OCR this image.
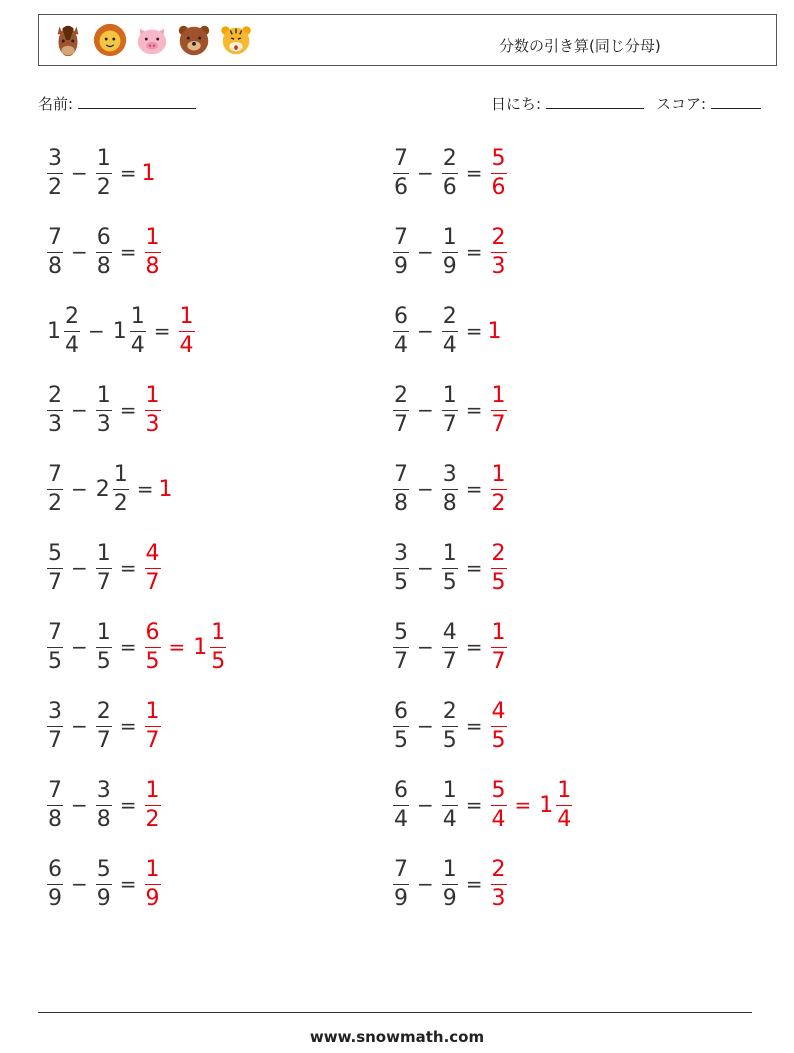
分数の引き算(同じ分母)
名前:	日にち:	スコア:
$\frac{3}{2} - \frac{1}{2} = 1$	$\frac{7}{6} - \frac{2}{6} = \frac{5}{6}$
$\frac{7}{8} - \frac{6}{8} = \frac{1}{8}$	$\frac{7}{9} - \frac{1}{9} = \frac{2}{3}$
$1 \frac{2}{4} - 1 \frac{1}{4} = \frac{1}{4}$	$\frac{6}{4} - \frac{2}{4} = 1$
$\frac{2}{3} - \frac{1}{3} = \frac{1}{3}$	$\frac{2}{7} - \frac{1}{7} = \frac{1}{7}$
$\frac{7}{2} - 2 \frac{1}{2} = 1$	$\frac{7}{8} - \frac{3}{8} = \frac{1}{2}$
$\frac{5}{7} - \frac{1}{7} = \frac{4}{7}$	$\frac{3}{5} - \frac{1}{5} = \frac{2}{5}$
$\frac{7}{5} - \frac{1}{5} = \frac{6}{5} = 1 \frac{1}{5}$	$\frac{5}{7} - \frac{4}{7} = \frac{1}{7}$
$\frac{3}{7} - \frac{2}{7} = \frac{1}{7}$	$\frac{6}{5} - \frac{2}{5} = \frac{4}{5}$
$\frac{7}{8} - \frac{3}{8} = \frac{1}{2}$	$\frac{6}{4} - \frac{1}{4} = \frac{5}{4} = 1 \frac{1}{4}$
$\frac{6}{9} - \frac{5}{9} = \frac{1}{9}$	$\frac{7}{9} - \frac{1}{9} = \frac{2}{3}$
www.snowmath.com
